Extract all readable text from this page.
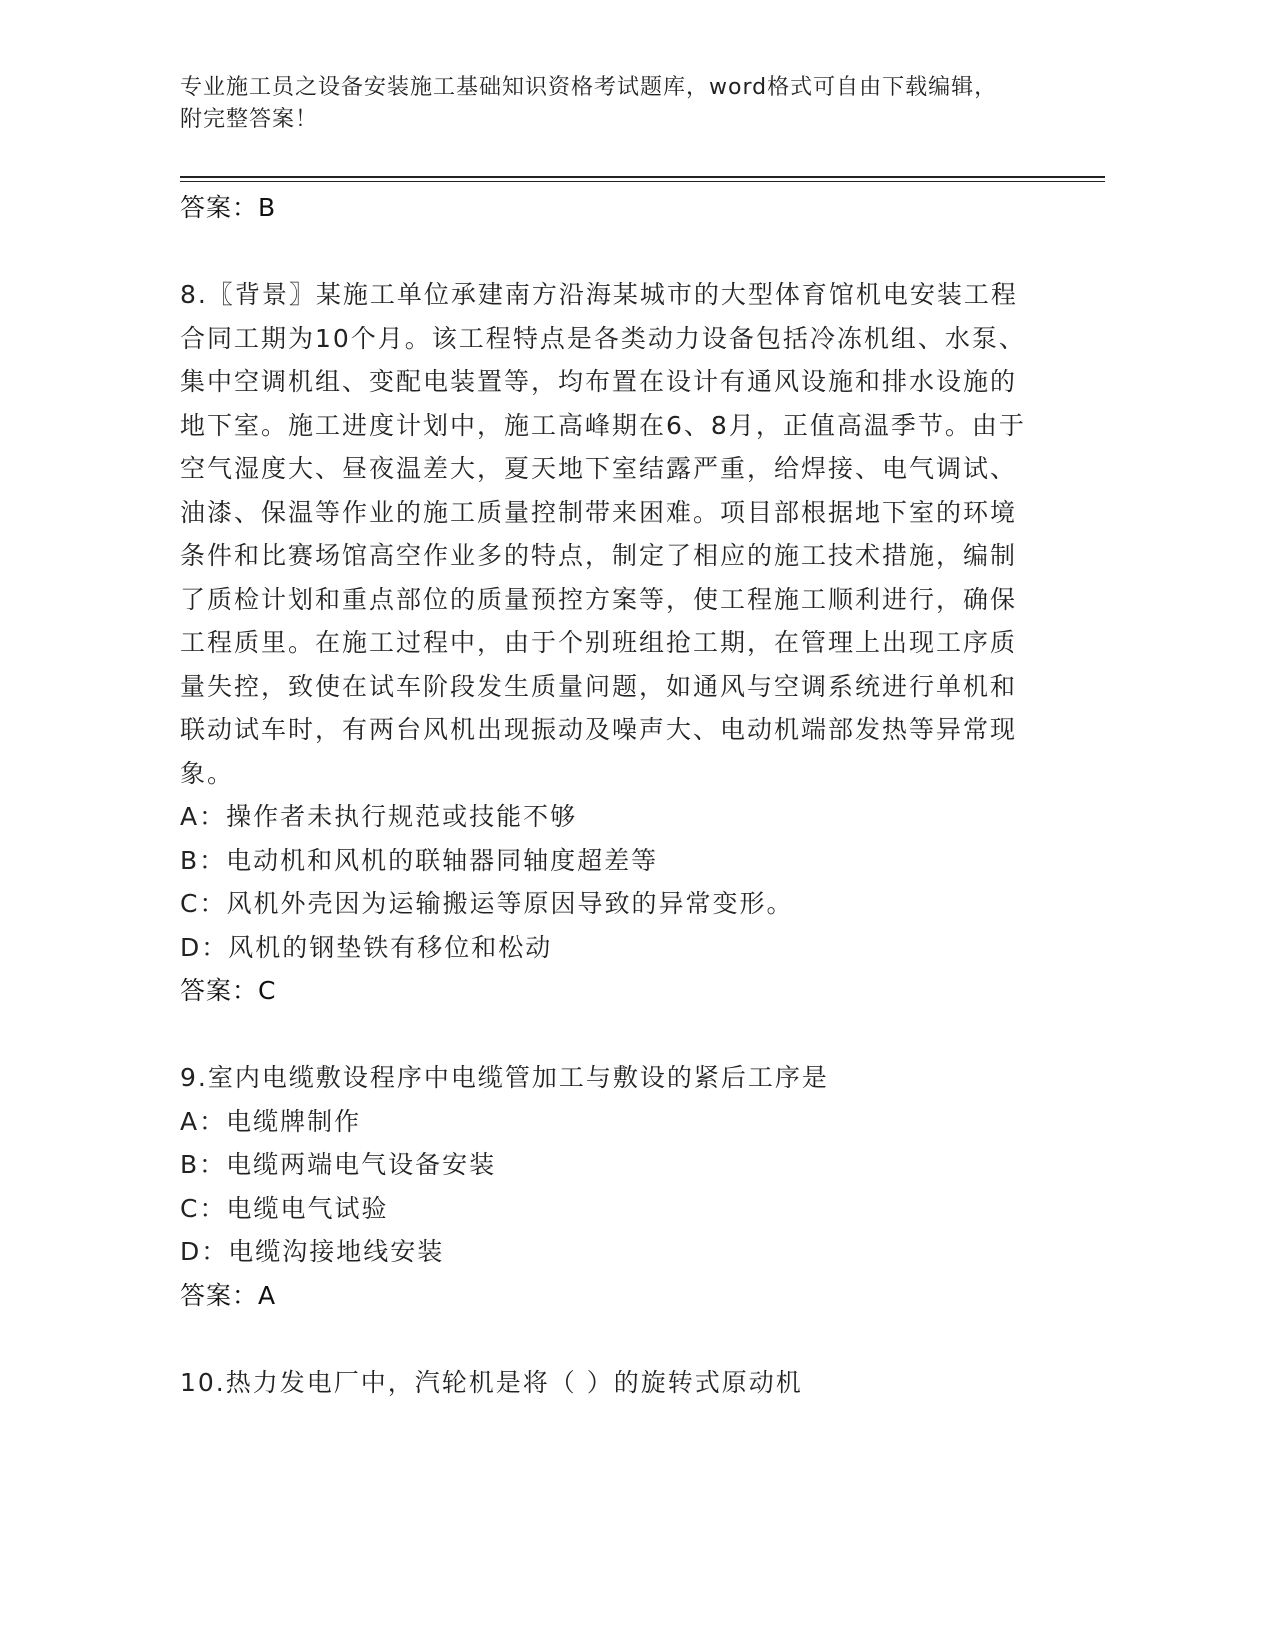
专业施工员之设备安装施工基础知识资格考试题库，word格式可自由下载编辑，
附完整答案！

答案：B

8.〖背景〗某施工单位承建南方沿海某城市的大型体育馆机电安装工程合同工期为10个月。该工程特点是各类动力设备包括冷冻机组、水泵、集中空调机组、变配电装置等，均布置在设计有通风设施和排水设施的地下室。施工进度计划中，施工高峰期在6、8月，正值高温季节。由于空气湿度大、昼夜温差大，夏天地下室结露严重，给焊接、电气调试、油漆、保温等作业的施工质量控制带来困难。项目部根据地下室的环境条件和比赛场馆高空作业多的特点，制定了相应的施工技术措施，编制了质检计划和重点部位的质量预控方案等，使工程施工顺利进行，确保工程质里。在施工过程中，由于个别班组抢工期，在管理上出现工序质量失控，致使在试车阶段发生质量问题，如通风与空调系统进行单机和联动试车时，有两台风机出现振动及噪声大、电动机端部发热等异常现象。

A：操作者未执行规范或技能不够

B：电动机和风机的联轴器同轴度超差等

C：风机外壳因为运输搬运等原因导致的异常变形。

D：风机的钢垫铁有移位和松动

答案：C

9.室内电缆敷设程序中电缆管加工与敷设的紧后工序是

A：电缆牌制作

B：电缆两端电气设备安装

C：电缆电气试验

D：电缆沟接地线安装

答案：A

10.热力发电厂中，汽轮机是将（ ）的旋转式原动机
